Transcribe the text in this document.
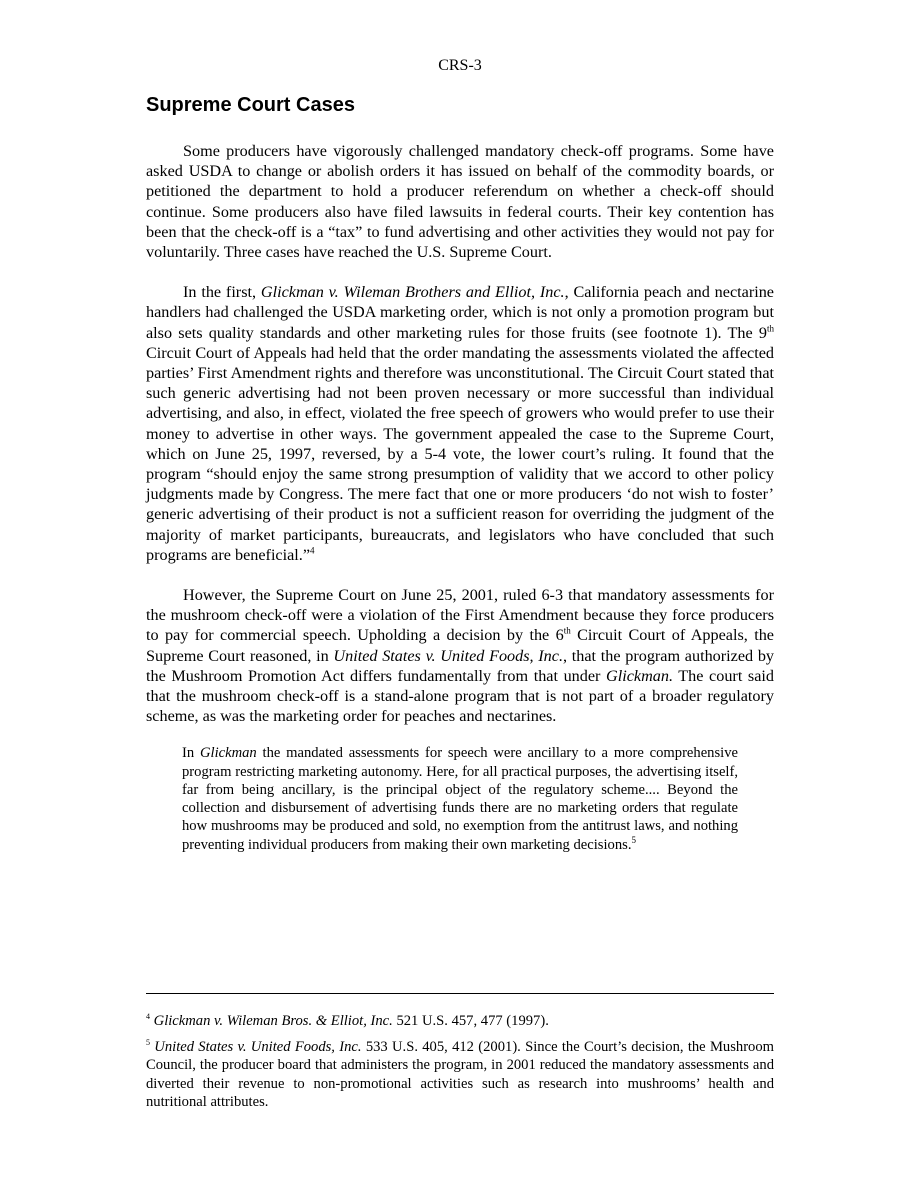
CRS-3
Supreme Court Cases

Some producers have vigorously challenged mandatory check-off programs. Some have asked USDA to change or abolish orders it has issued on behalf of the commodity boards, or petitioned the department to hold a producer referendum on whether a check-off should continue. Some producers also have filed lawsuits in federal courts. Their key contention has been that the check-off is a “tax” to fund advertising and other activities they would not pay for voluntarily. Three cases have reached the U.S. Supreme Court.

In the first, Glickman v. Wileman Brothers and Elliot, Inc., California peach and nectarine handlers had challenged the USDA marketing order, which is not only a promotion program but also sets quality standards and other marketing rules for those fruits (see footnote 1). The 9th Circuit Court of Appeals had held that the order mandating the assessments violated the affected parties’ First Amendment rights and therefore was unconstitutional. The Circuit Court stated that such generic advertising had not been proven necessary or more successful than individual advertising, and also, in effect, violated the free speech of growers who would prefer to use their money to advertise in other ways. The government appealed the case to the Supreme Court, which on June 25, 1997, reversed, by a 5-4 vote, the lower court’s ruling. It found that the program “should enjoy the same strong presumption of validity that we accord to other policy judgments made by Congress. The mere fact that one or more producers ‘do not wish to foster’ generic advertising of their product is not a sufficient reason for overriding the judgment of the majority of market participants, bureaucrats, and legislators who have concluded that such programs are beneficial.”$^4$

However, the Supreme Court on June 25, 2001, ruled 6-3 that mandatory assessments for the mushroom check-off were a violation of the First Amendment because they force producers to pay for commercial speech. Upholding a decision by the 6th Circuit Court of Appeals, the Supreme Court reasoned, in United States v. United Foods, Inc., that the program authorized by the Mushroom Promotion Act differs fundamentally from that under Glickman. The court said that the mushroom check-off is a stand-alone program that is not part of a broader regulatory scheme, as was the marketing order for peaches and nectarines.

In Glickman the mandated assessments for speech were ancillary to a more comprehensive program restricting marketing autonomy. Here, for all practical purposes, the advertising itself, far from being ancillary, is the principal object of the regulatory scheme.... Beyond the collection and disbursement of advertising funds there are no marketing orders that regulate how mushrooms may be produced and sold, no exemption from the antitrust laws, and nothing preventing individual producers from making their own marketing decisions.$^5$

$^4$ Glickman v. Wileman Bros. & Elliot, Inc. 521 U.S. 457, 477 (1997).

$^5$ United States v. United Foods, Inc. 533 U.S. 405, 412 (2001). Since the Court’s decision, the Mushroom Council, the producer board that administers the program, in 2001 reduced the mandatory assessments and diverted their revenue to non-promotional activities such as research into mushrooms’ health and nutritional attributes.
